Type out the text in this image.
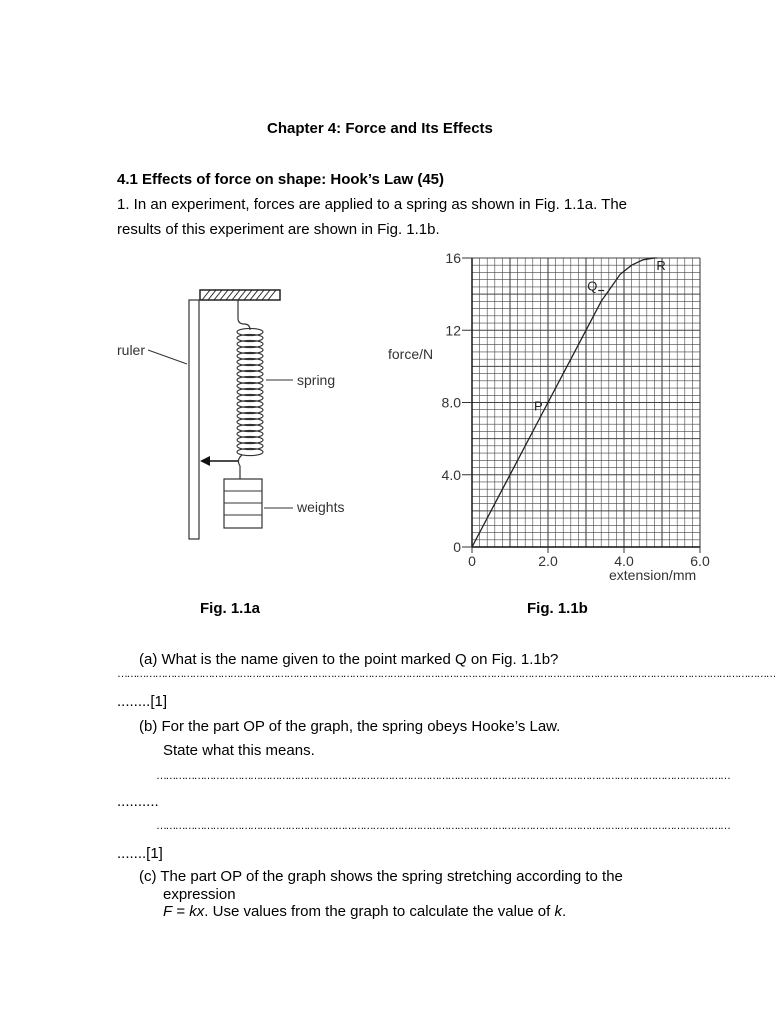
Chapter 4: Force and Its Effects
4.1 Effects of force on shape: Hook’s Law (45)
1. In an experiment, forces are applied to a spring as shown in Fig. 1.1a. The
results of this experiment are shown in Fig. 1.1b.
ruler
spring
weights
0
4.0
8.0
12
16
0	2.0	4.0	6.0
P
Q
R
force/N
extension/mm
Fig. 1.1a	Fig. 1.1b
(a) What is the name given to the point marked Q on Fig. 1.1b?
…………………………………………………………………………………………………………………………………………………………………………………………
........[1]
(b) For the part OP of the graph, the spring obeys Hooke’s Law.
State what this means.
…………………………………………………………………………………………………………………………………………………………………
..........
…………………………………………………………………………………………………………………………………………………………………
.......[1]
(c) The part OP of the graph shows the spring stretching according to the
expression
F = kx. Use values from the graph to calculate the value of k.
